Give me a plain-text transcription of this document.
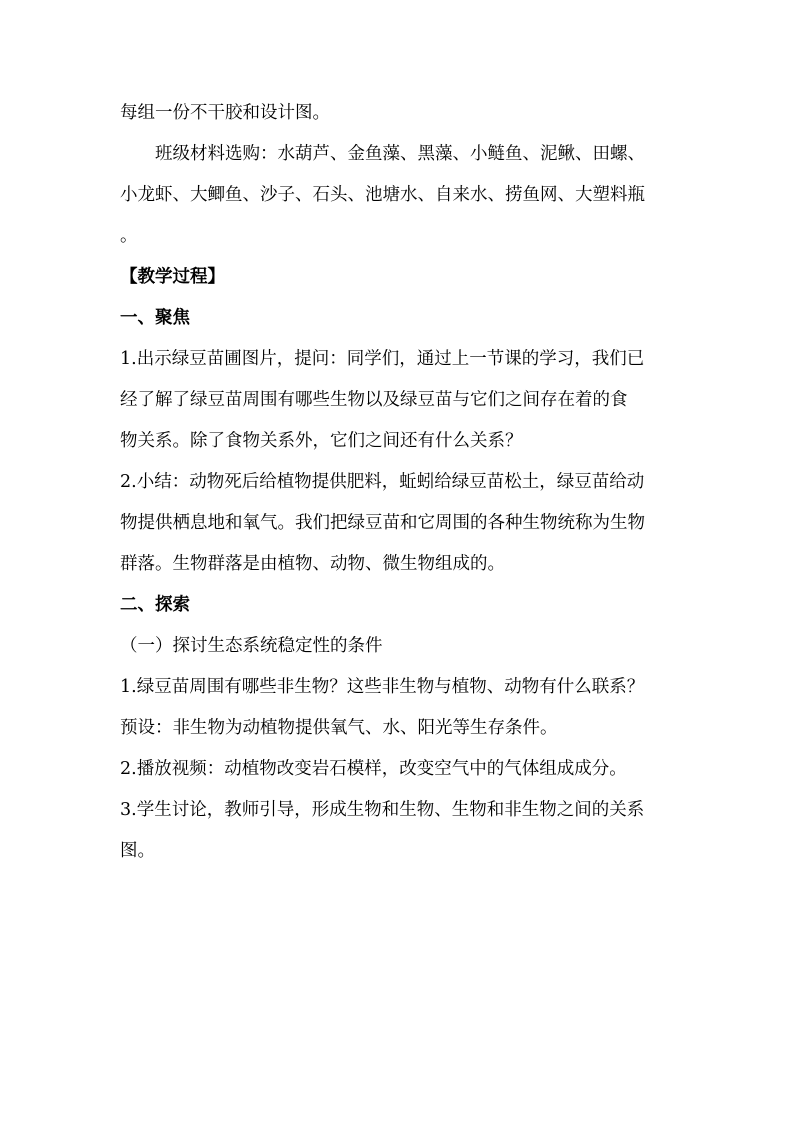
每组一份不干胶和设计图。

班级材料选购：水葫芦、金鱼藻、黑藻、小鲢鱼、泥鳅、田螺、

小龙虾、大鲫鱼、沙子、石头、池塘水、自来水、捞鱼网、大塑料瓶

。

【教学过程】

一、聚焦

1.出示绿豆苗圃图片，提问：同学们，通过上一节课的学习，我们已

经了解了绿豆苗周围有哪些生物以及绿豆苗与它们之间存在着的食

物关系。除了食物关系外，它们之间还有什么关系？

2.小结：动物死后给植物提供肥料，蚯蚓给绿豆苗松土，绿豆苗给动

物提供栖息地和氧气。我们把绿豆苗和它周围的各种生物统称为生物

群落。生物群落是由植物、动物、微生物组成的。

二、探索

（一）探讨生态系统稳定性的条件

1.绿豆苗周围有哪些非生物？这些非生物与植物、动物有什么联系？

预设：非生物为动植物提供氧气、水、阳光等生存条件。

2.播放视频：动植物改变岩石模样，改变空气中的气体组成成分。

3.学生讨论，教师引导，形成生物和生物、生物和非生物之间的关系

图。
